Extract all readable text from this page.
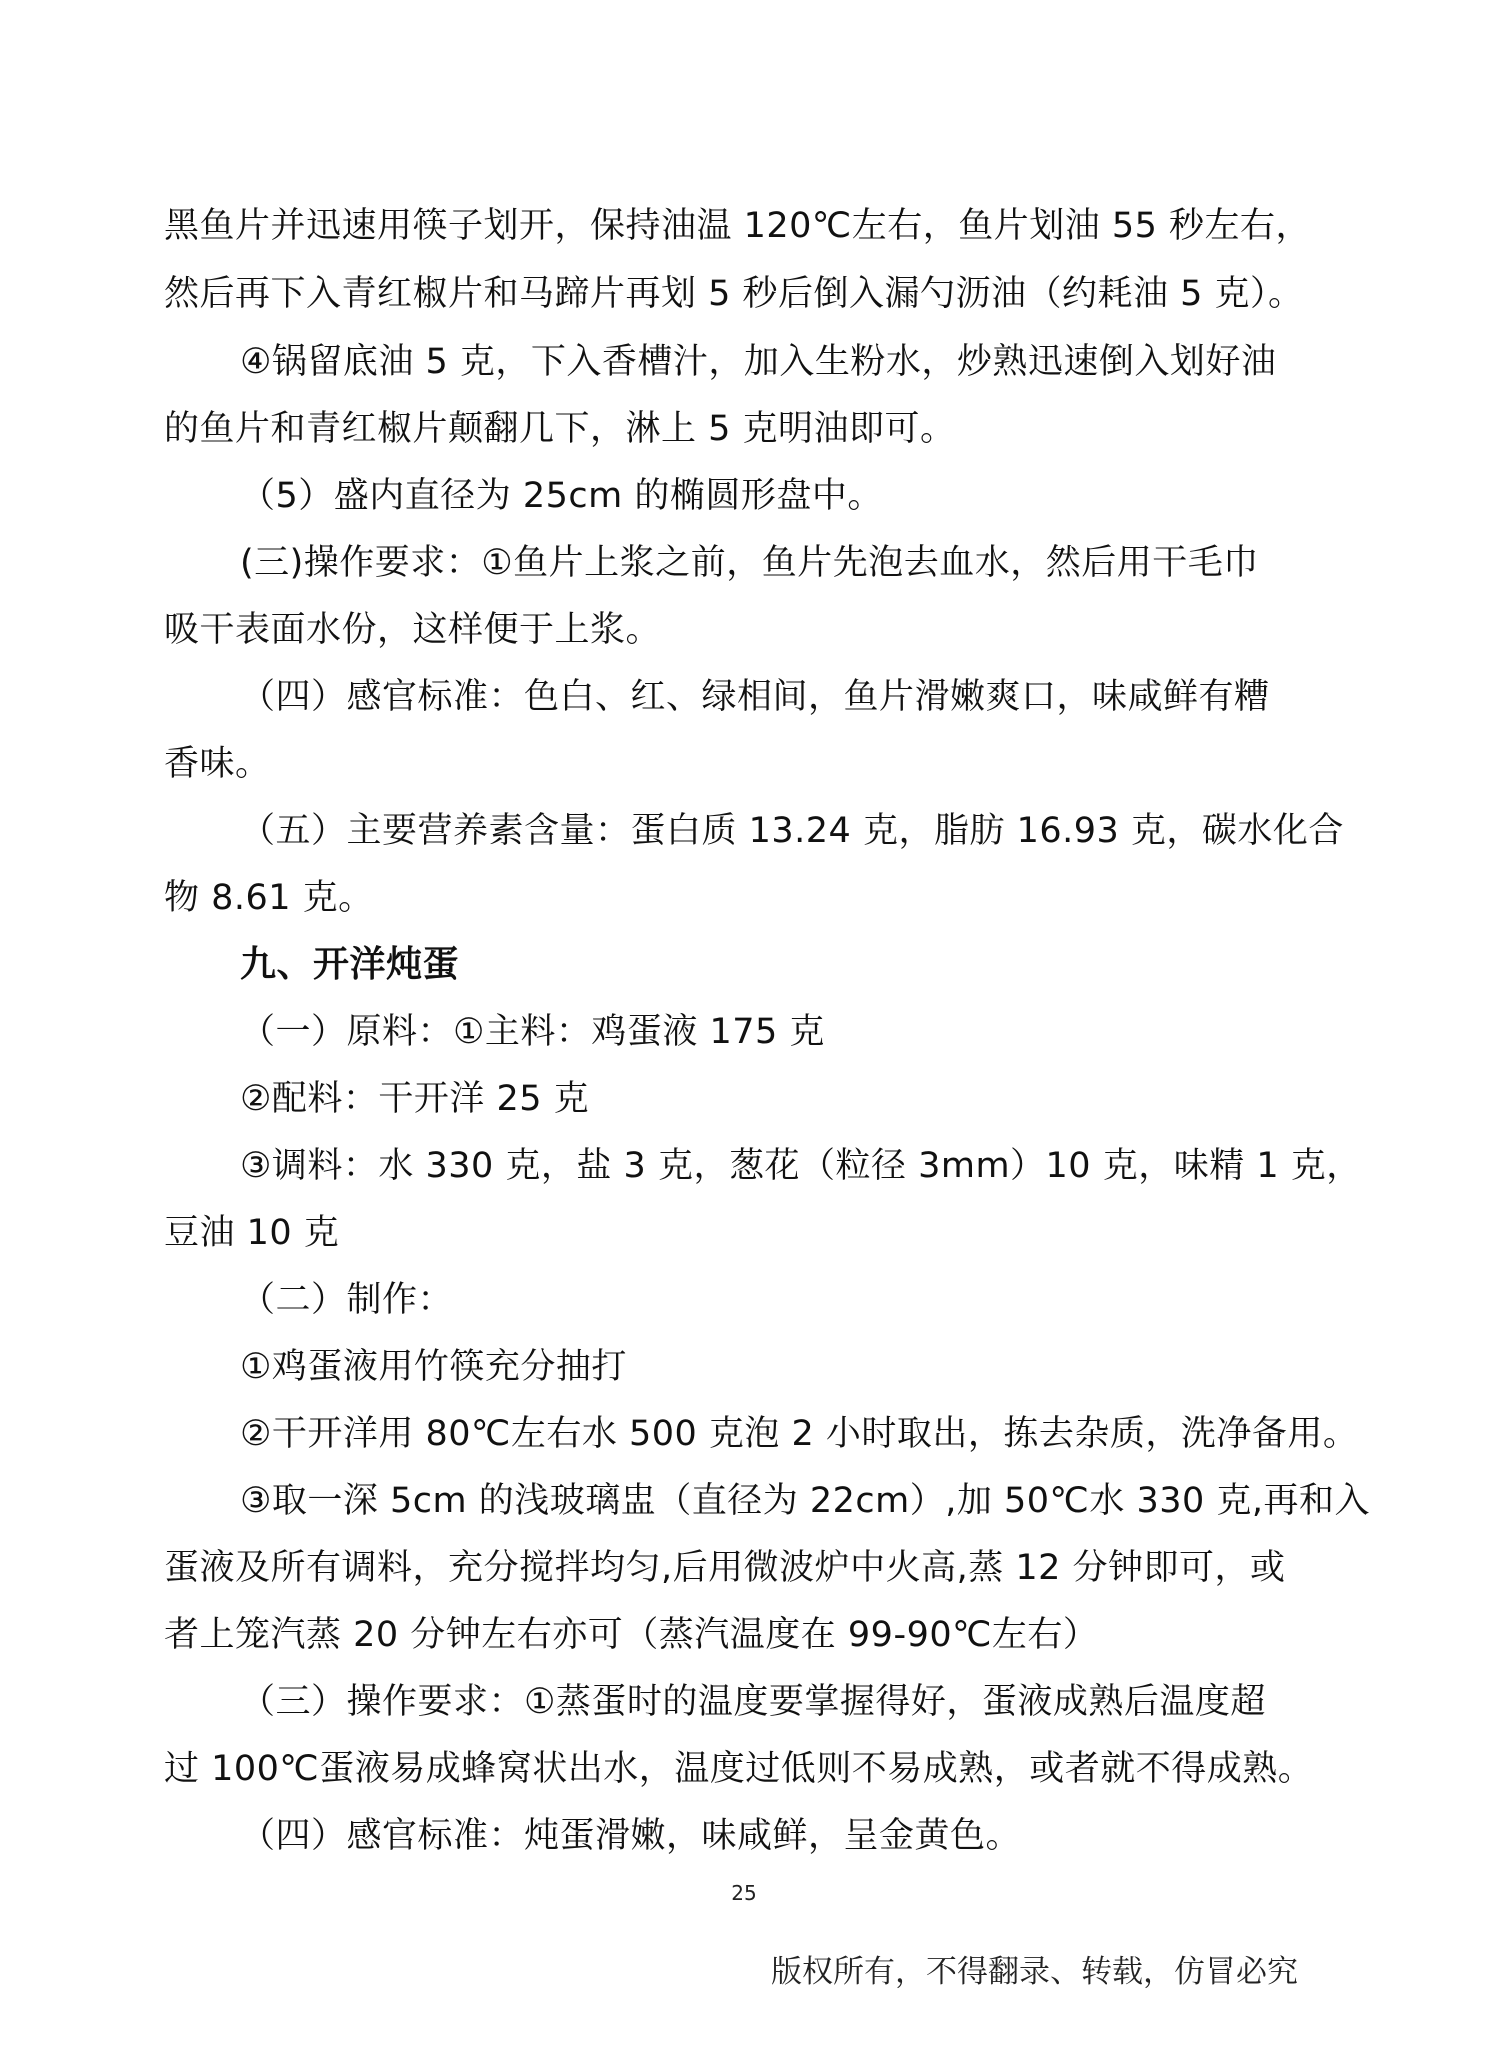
黑鱼片并迅速用筷子划开，保持油温 120℃左右，鱼片划油 55 秒左右，
然后再下入青红椒片和马蹄片再划 5 秒后倒入漏勺沥油（约耗油 5 克）。
④锅留底油 5 克，下入香槽汁，加入生粉水，炒熟迅速倒入划好油
的鱼片和青红椒片颠翻几下，淋上 5 克明油即可。
（5）盛内直径为 25cm 的椭圆形盘中。
(三)操作要求：①鱼片上浆之前，鱼片先泡去血水，然后用干毛巾
吸干表面水份，这样便于上浆。
（四）感官标准：色白、红、绿相间，鱼片滑嫩爽口，味咸鲜有糟
香味。
（五）主要营养素含量：蛋白质 13.24 克，脂肪 16.93 克，碳水化合
物 8.61 克。
九、开洋炖蛋
（一）原料：①主料：鸡蛋液 175 克
②配料：干开洋 25 克
③调料：水 330 克，盐 3 克，葱花（粒径 3mm）10 克，味精 1 克，
豆油 10 克
（二）制作：
①鸡蛋液用竹筷充分抽打
②干开洋用 80℃左右水 500 克泡 2 小时取出，拣去杂质，洗净备用。
③取一深 5cm 的浅玻璃盅（直径为 22cm）,加 50℃水 330 克,再和入
蛋液及所有调料，充分搅拌均匀,后用微波炉中火高,蒸 12 分钟即可，或
者上笼汽蒸 20 分钟左右亦可（蒸汽温度在 99-90℃左右）
（三）操作要求：①蒸蛋时的温度要掌握得好，蛋液成熟后温度超
过 100℃蛋液易成蜂窝状出水，温度过低则不易成熟，或者就不得成熟。
（四）感官标准：炖蛋滑嫩，味咸鲜，呈金黄色。
25
版权所有，不得翻录、转载，仿冒必究
